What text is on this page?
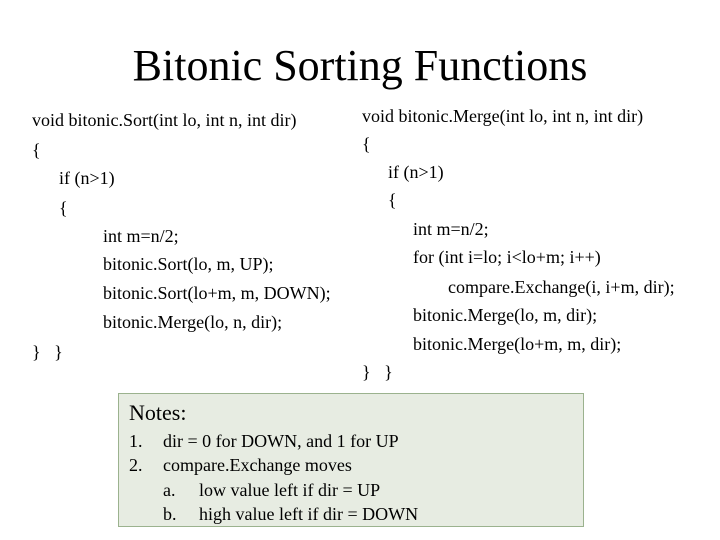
Bitonic Sorting Functions
void bitonic.Sort(int lo, int n, int dir)
{
if (n>1)
{
int m=n/2;
bitonic.Sort(lo, m, UP);
bitonic.Sort(lo+m, m, DOWN);
bitonic.Merge(lo, n, dir);
}   }
void bitonic.Merge(int lo, int n, int dir)
{
if (n>1)
{
int m=n/2;
for (int i=lo; i<lo+m; i++)
compare.Exchange(i, i+m, dir);
bitonic.Merge(lo, m, dir);
bitonic.Merge(lo+m, m, dir);
}   }
Notes:
1. dir = 0 for DOWN, and 1 for UP
2. compare.Exchange moves
a. low value left if dir = UP
b. high value left if dir = DOWN
